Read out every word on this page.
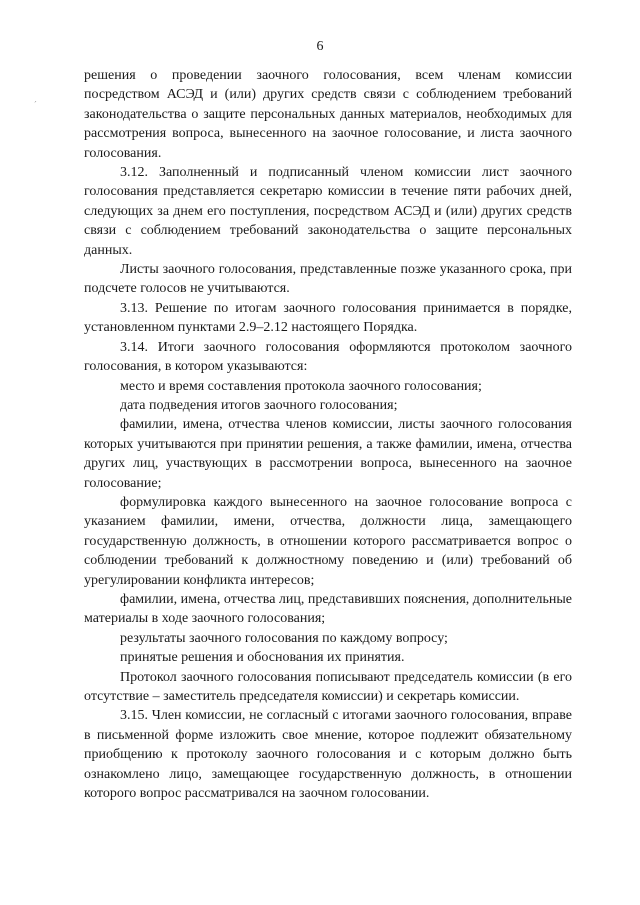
6
´

решения о проведении заочного голосования, всем членам комиссии посредством АСЭД и (или) других средств связи с соблюдением требований законодательства о защите персональных данных материалов, необходимых для рассмотрения вопроса, вынесенного на заочное голосование, и листа заочного голосования.

3.12. Заполненный и подписанный членом комиссии лист заочного голосования представляется секретарю комиссии в течение пяти рабочих дней, следующих за днем его поступления, посредством АСЭД и (или) других средств связи с соблюдением требований законодательства о защите персональных данных.

Листы заочного голосования, представленные позже указанного срока, при подсчете голосов не учитываются.

3.13. Решение по итогам заочного голосования принимается в порядке, установленном пунктами 2.9–2.12 настоящего Порядка.

3.14. Итоги заочного голосования оформляются протоколом заочного голосования, в котором указываются:

место и время составления протокола заочного голосования;

дата подведения итогов заочного голосования;

фамилии, имена, отчества членов комиссии, листы заочного голосования которых учитываются при принятии решения, а также фамилии, имена, отчества других лиц, участвующих в рассмотрении вопроса, вынесенного на заочное голосование;

формулировка каждого вынесенного на заочное голосование вопроса с указанием фамилии, имени, отчества, должности лица, замещающего государственную должность, в отношении которого рассматривается вопрос о соблюдении требований к должностному поведению и (или) требований об урегулировании конфликта интересов;

фамилии, имена, отчества лиц, представивших пояснения, дополнительные материалы в ходе заочного голосования;

результаты заочного голосования по каждому вопросу;

принятые решения и обоснования их принятия.

Протокол заочного голосования пописывают председатель комиссии (в его отсутствие – заместитель председателя комиссии) и секретарь комиссии.

3.15. Член комиссии, не согласный с итогами заочного голосования, вправе в письменной форме изложить свое мнение, которое подлежит обязательному приобщению к протоколу заочного голосования и с которым должно быть ознакомлено лицо, замещающее государственную должность, в отношении которого вопрос рассматривался на заочном голосовании.
